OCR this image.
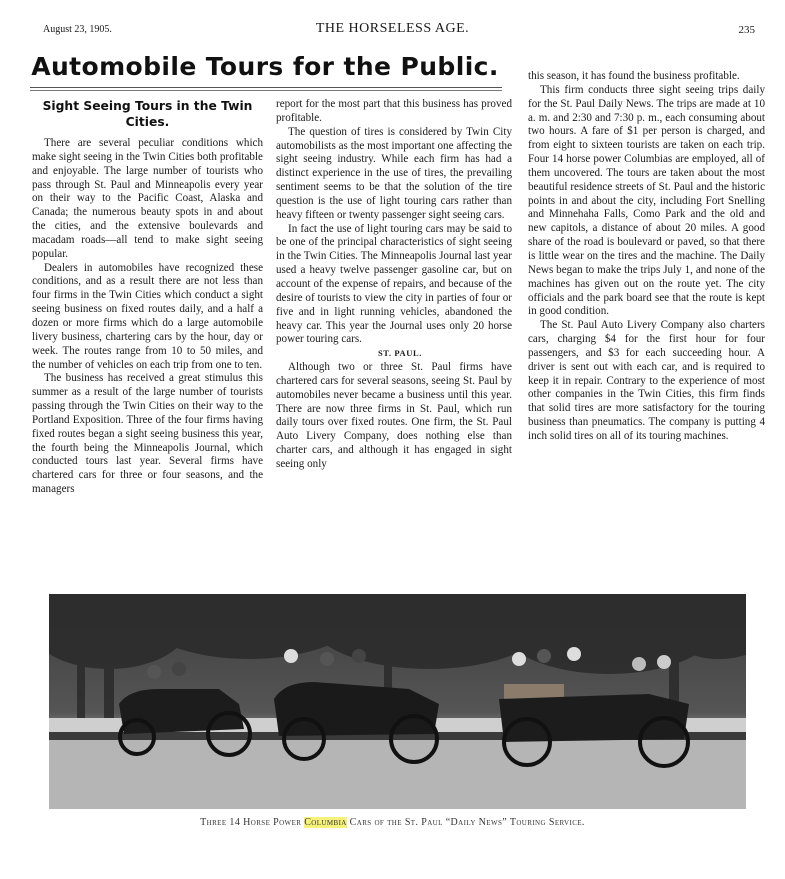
August 23, 1905.	THE HORSELESS AGE.	235
Automobile Tours for the Public.
Sight Seeing Tours in the Twin Cities.

There are several peculiar conditions which make sight seeing in the Twin Cities both profitable and enjoyable. The large number of tourists who pass through St. Paul and Minneapolis every year on their way to the Pacific Coast, Alaska and Canada; the numerous beauty spots in and about the cities, and the extensive boulevards and macadam roads—all tend to make sight seeing popular.

Dealers in automobiles have recognized these conditions, and as a result there are not less than four firms in the Twin Cities which conduct a sight seeing business on fixed routes daily, and a half a dozen or more firms which do a large automobile livery business, chartering cars by the hour, day or week. The routes range from 10 to 50 miles, and the number of vehicles on each trip from one to ten.

The business has received a great stimulus this summer as a result of the large number of tourists passing through the Twin Cities on their way to the Portland Exposition. Three of the four firms having fixed routes began a sight seeing business this year, the fourth being the Minneapolis Journal, which conducted tours last year. Several firms have chartered cars for three or four seasons, and the managers

report for the most part that this business has proved profitable.

The question of tires is considered by Twin City automobilists as the most important one affecting the sight seeing industry. While each firm has had a distinct experience in the use of tires, the prevailing sentiment seems to be that the solution of the tire question is the use of light touring cars rather than heavy fifteen or twenty passenger sight seeing cars.

In fact the use of light touring cars may be said to be one of the principal characteristics of sight seeing in the Twin Cities. The Minneapolis Journal last year used a heavy twelve passenger gasoline car, but on account of the expense of repairs, and because of the desire of tourists to view the city in parties of four or five and in light running vehicles, abandoned the heavy car. This year the Journal uses only 20 horse power touring cars.

ST. PAUL.

Although two or three St. Paul firms have chartered cars for several seasons, seeing St. Paul by automobiles never became a business until this year. There are now three firms in St. Paul, which run daily tours over fixed routes. One firm, the St. Paul Auto Livery Company, does nothing else than charter cars, and although it has engaged in sight seeing only

this season, it has found the business profitable.

This firm conducts three sight seeing trips daily for the St. Paul Daily News. The trips are made at 10 a. m. and 2:30 and 7:30 p. m., each consuming about two hours. A fare of $1 per person is charged, and from eight to sixteen tourists are taken on each trip. Four 14 horse power Columbias are employed, all of them uncovered. The tours are taken about the most beautiful residence streets of St. Paul and the historic points in and about the city, including Fort Snelling and Minnehaha Falls, Como Park and the old and new capitols, a distance of about 20 miles. A good share of the road is boulevard or paved, so that there is little wear on the tires and the machine. The Daily News began to make the trips July 1, and none of the machines has given out on the route yet. The city officials and the park board see that the route is kept in good condition.

The St. Paul Auto Livery Company also charters cars, charging $4 for the first hour for four passengers, and $3 for each succeeding hour. A driver is sent out with each car, and is required to keep it in repair. Contrary to the experience of most other companies in the Twin Cities, this firm finds that solid tires are more satisfactory for the touring business than pneumatics. The company is putting 4 inch solid tires on all of its touring machines.

Three 14 Horse Power Columbia Cars of the St. Paul “Daily News” Touring Service.
